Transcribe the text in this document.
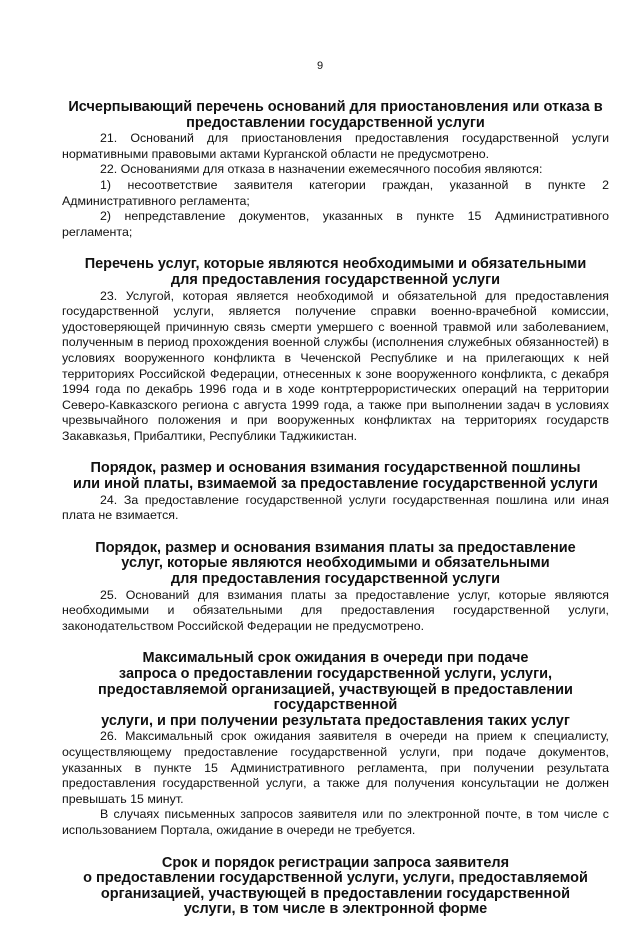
9
Исчерпывающий перечень оснований для приостановления или отказа в
предоставлении государственной услуги

21. Оснований для приостановления предоставления государственной услуги нормативными правовыми актами Курганской области не предусмотрено.

22. Основаниями для отказа в назначении ежемесячного пособия являются:

1) несоответствие заявителя категории граждан, указанной в пункте 2 Административного регламента;

2) непредставление документов, указанных в пункте 15 Административного регламента;

Перечень услуг, которые являются необходимыми и обязательными
для предоставления государственной услуги

23. Услугой, которая является необходимой и обязательной для предоставления государственной услуги, является получение справки военно-врачебной комиссии, удостоверяющей причинную связь смерти умершего с военной травмой или заболеванием, полученным в период прохождения военной службы (исполнения служебных обязанностей) в условиях вооруженного конфликта в Чеченской Республике и на прилегающих к ней территориях Российской Федерации, отнесенных к зоне вооруженного конфликта, с декабря 1994 года по декабрь 1996 года и в ходе контртеррористических операций на территории Северо-Кавказского региона с августа 1999 года, а также при выполнении задач в условиях чрезвычайного положения и при вооруженных конфликтах на территориях государств Закавказья, Прибалтики, Республики Таджикистан.

Порядок, размер и основания взимания государственной пошлины
или иной платы, взимаемой за предоставление государственной услуги

24. За предоставление государственной услуги государственная пошлина или иная плата не взимается.

Порядок, размер и основания взимания платы за предоставление
услуг, которые являются необходимыми и обязательными
для предоставления государственной услуги

25. Оснований для взимания платы за предоставление услуг, которые являются необходимыми и обязательными для предоставления государственной услуги, законодательством Российской Федерации не предусмотрено.

Максимальный срок ожидания в очереди при подаче
запроса о предоставлении государственной услуги, услуги,
предоставляемой организацией, участвующей в предоставлении государственной
услуги, и при получении результата предоставления таких услуг

26. Максимальный срок ожидания заявителя в очереди на прием к специалисту, осуществляющему предоставление государственной услуги, при подаче документов, указанных в пункте 15 Административного регламента, при получении результата предоставления государственной услуги, а также для получения консультации не должен превышать 15 минут.

В случаях письменных запросов заявителя или по электронной почте, в том числе с использованием Портала, ожидание в очереди не требуется.

Срок и порядок регистрации запроса заявителя
о предоставлении государственной услуги, услуги, предоставляемой
организацией, участвующей в предоставлении государственной
услуги, в том числе в электронной форме
